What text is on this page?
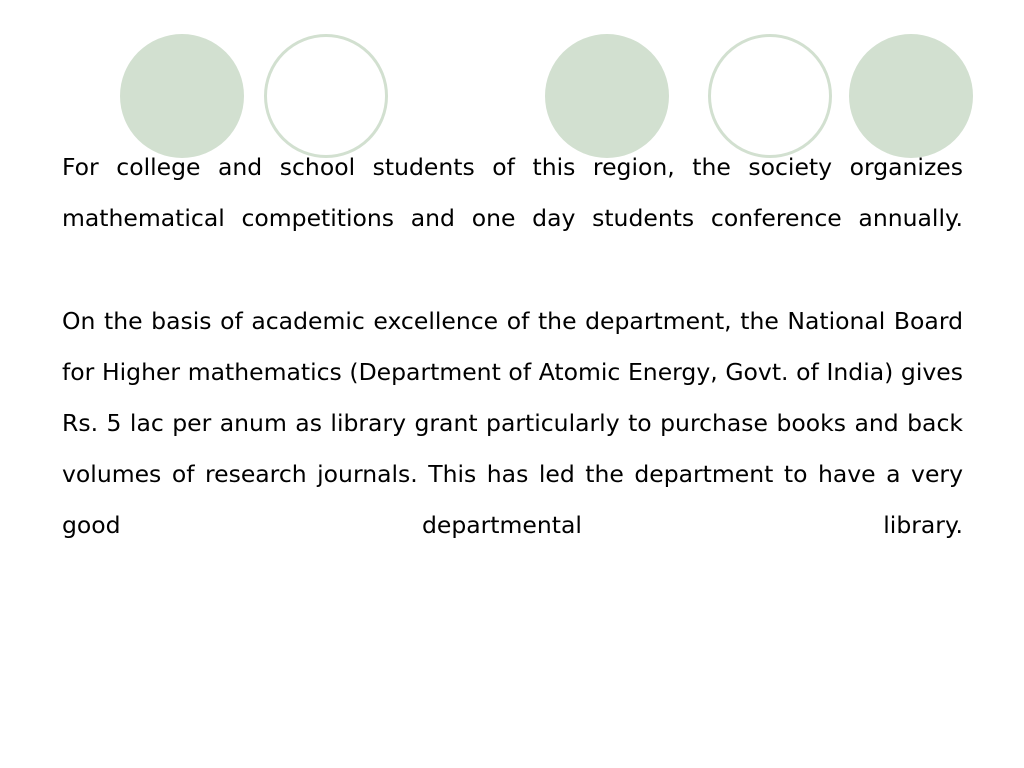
For college and school students of this region, the society organizes mathematical competitions and one day students conference annually.

On the basis of academic excellence of the department, the National Board for Higher mathematics (Department of Atomic Energy, Govt. of India) gives Rs. 5 lac per anum as library grant particularly to purchase books and back volumes of research journals. This has led the department to have a very good departmental library.
